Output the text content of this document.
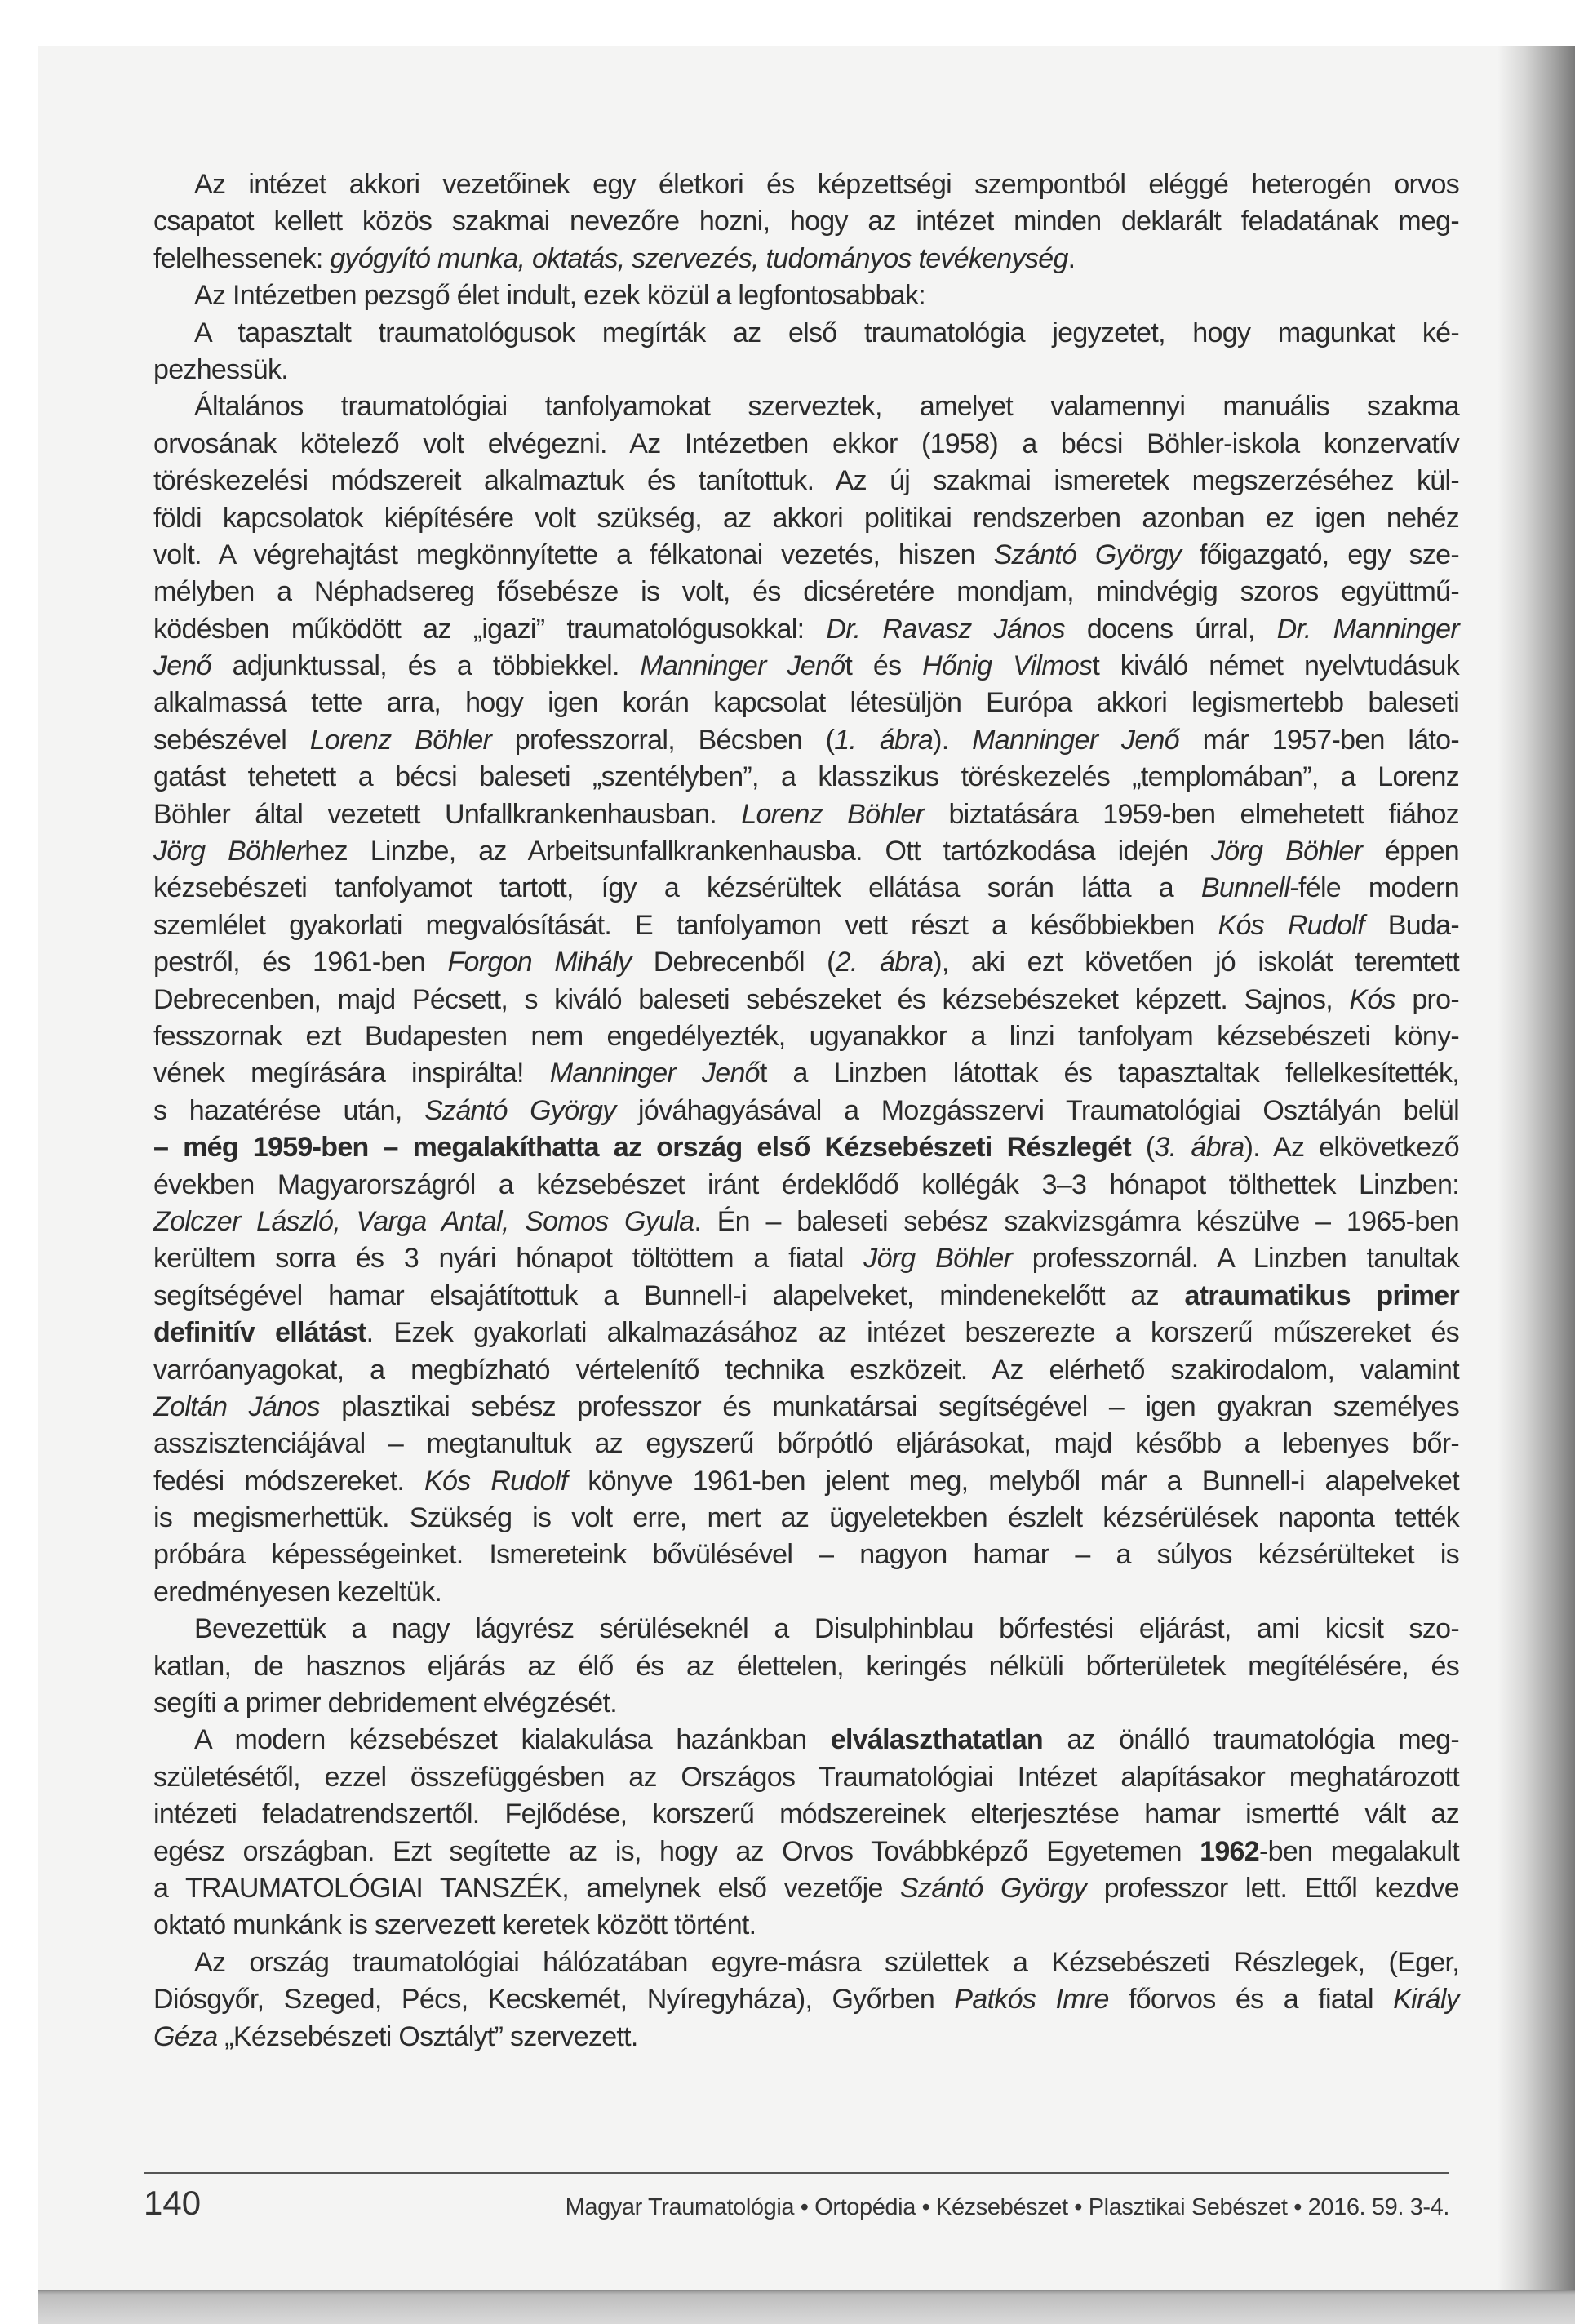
Az intézet akkori vezetőinek egy életkori és képzettségi szempontból eléggé heterogén orvos
csapatot kellett közös szakmai nevezőre hozni, hogy az intézet minden deklarált feladatának meg-
felelhessenek: gyógyító munka, oktatás, szervezés, tudományos tevékenység.
Az Intézetben pezsgő élet indult, ezek közül a legfontosabbak:
A tapasztalt traumatológusok megírták az első traumatológia jegyzetet, hogy magunkat ké-
pezhessük.
Általános traumatológiai tanfolyamokat szerveztek, amelyet valamennyi manuális szakma
orvosának kötelező volt elvégezni. Az Intézetben ekkor (1958) a bécsi Böhler-iskola konzervatív
töréskezelési módszereit alkalmaztuk és tanítottuk. Az új szakmai ismeretek megszerzéséhez kül-
földi kapcsolatok kiépítésére volt szükség, az akkori politikai rendszerben azonban ez igen nehéz
volt. A végrehajtást megkönnyítette a félkatonai vezetés, hiszen Szántó György főigazgató, egy sze-
mélyben a Néphadsereg fősebésze is volt, és dicséretére mondjam, mindvégig szoros együttmű-
ködésben működött az „igazi” traumatológusokkal: Dr. Ravasz János docens úrral, Dr. Manninger
Jenő adjunktussal, és a többiekkel. Manninger Jenőt és Hőnig Vilmost kiváló német nyelvtudásuk
alkalmassá tette arra, hogy igen korán kapcsolat létesüljön Európa akkori legismertebb baleseti
sebészével Lorenz Böhler professzorral, Bécsben (1. ábra). Manninger Jenő már 1957-ben láto-
gatást tehetett a bécsi baleseti „szentélyben”, a klasszikus töréskezelés „templomában”, a Lorenz
Böhler által vezetett Unfallkrankenhausban. Lorenz Böhler biztatására 1959-ben elmehetett fiához
Jörg Böhlerhez Linzbe, az Arbeitsunfallkrankenhausba. Ott tartózkodása idején Jörg Böhler éppen
kézsebészeti tanfolyamot tartott, így a kézsérültek ellátása során látta a Bunnell-féle modern
szemlélet gyakorlati megvalósítását. E tanfolyamon vett részt a későbbiekben Kós Rudolf Buda-
pestről, és 1961-ben Forgon Mihály Debrecenből (2. ábra), aki ezt követően jó iskolát teremtett
Debrecenben, majd Pécsett, s kiváló baleseti sebészeket és kézsebészeket képzett. Sajnos, Kós pro-
fesszornak ezt Budapesten nem engedélyezték, ugyanakkor a linzi tanfolyam kézsebészeti köny-
vének megírására inspirálta! Manninger Jenőt a Linzben látottak és tapasztaltak fellelkesítették,
s hazatérése után, Szántó György jóváhagyásával a Mozgásszervi Traumatológiai Osztályán belül
– még 1959-ben – megalakíthatta az ország első Kézsebészeti Részlegét (3. ábra). Az elkövetkező
években Magyarországról a kézsebészet iránt érdeklődő kollégák 3–3 hónapot tölthettek Linzben:
Zolczer László, Varga Antal, Somos Gyula. Én – baleseti sebész szakvizsgámra készülve – 1965-ben
kerültem sorra és 3 nyári hónapot töltöttem a fiatal Jörg Böhler professzornál. A Linzben tanultak
segítségével hamar elsajátítottuk a Bunnell-i alapelveket, mindenekelőtt az atraumatikus primer
definitív ellátást. Ezek gyakorlati alkalmazásához az intézet beszerezte a korszerű műszereket és
varróanyagokat, a megbízható vértelenítő technika eszközeit. Az elérhető szakirodalom, valamint
Zoltán János plasztikai sebész professzor és munkatársai segítségével – igen gyakran személyes
asszisztenciájával – megtanultuk az egyszerű bőrpótló eljárásokat, majd később a lebenyes bőr-
fedési módszereket. Kós Rudolf könyve 1961-ben jelent meg, melyből már a Bunnell-i alapelveket
is megismerhettük. Szükség is volt erre, mert az ügyeletekben észlelt kézsérülések naponta tették
próbára képességeinket. Ismereteink bővülésével – nagyon hamar – a súlyos kézsérülteket is
eredményesen kezeltük.
Bevezettük a nagy lágyrész sérüléseknél a Disulphinblau bőrfestési eljárást, ami kicsit szo-
katlan, de hasznos eljárás az élő és az élettelen, keringés nélküli bőrterületek megítélésére, és
segíti a primer debridement elvégzését.
A modern kézsebészet kialakulása hazánkban elválaszthatatlan az önálló traumatológia meg-
születésétől, ezzel összefüggésben az Országos Traumatológiai Intézet alapításakor meghatározott
intézeti feladatrendszertől. Fejlődése, korszerű módszereinek elterjesztése hamar ismertté vált az
egész országban. Ezt segítette az is, hogy az Orvos Továbbképző Egyetemen 1962-ben megalakult
a TRAUMATOLÓGIAI TANSZÉK, amelynek első vezetője Szántó György professzor lett. Ettől kezdve
oktató munkánk is szervezett keretek között történt.
Az ország traumatológiai hálózatában egyre-másra születtek a Kézsebészeti Részlegek, (Eger,
Diósgyőr, Szeged, Pécs, Kecskemét, Nyíregyháza), Győrben Patkós Imre főorvos és a fiatal Király
Géza „Kézsebészeti Osztályt” szervezett.
140	Magyar Traumatológia • Ortopédia • Kézsebészet • Plasztikai Sebészet • 2016. 59. 3-4.
